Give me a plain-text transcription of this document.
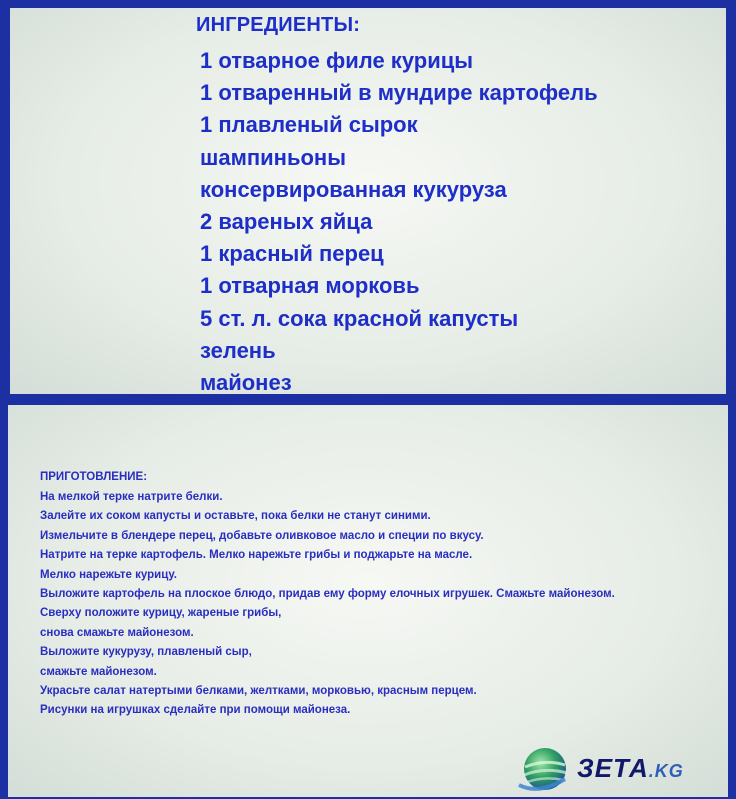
ИНГРЕДИЕНТЫ:
1 отварное филе курицы
1 отваренный в мундире картофель
1 плавленый сырок
шампиньоны
консервированная кукуруза
2 вареных яйца
1 красный перец
1 отварная морковь
5 ст. л. сока красной капусты
зелень
майонез
ПРИГОТОВЛЕНИЕ:
На мелкой терке натрите белки.
Залейте их соком капусты и оставьте, пока белки не станут синими.
Измельчите в блендере перец, добавьте оливковое масло и специи по вкусу.
Натрите на терке картофель. Мелко нарежьте грибы и поджарьте на масле.
Мелко нарежьте курицу.
Выложите картофель на плоское блюдо, придав ему форму елочных игрушек. Смажьте майонезом.
Сверху положите курицу, жареные грибы,
снова смажьте майонезом.
Выложите кукурузу, плавленый сыр,
смажьте майонезом.
Украсьте салат натертыми белками, желтками, морковью, красным перцем.
Рисунки на игрушках сделайте при помощи майонеза.
ЗЕТА.KG
